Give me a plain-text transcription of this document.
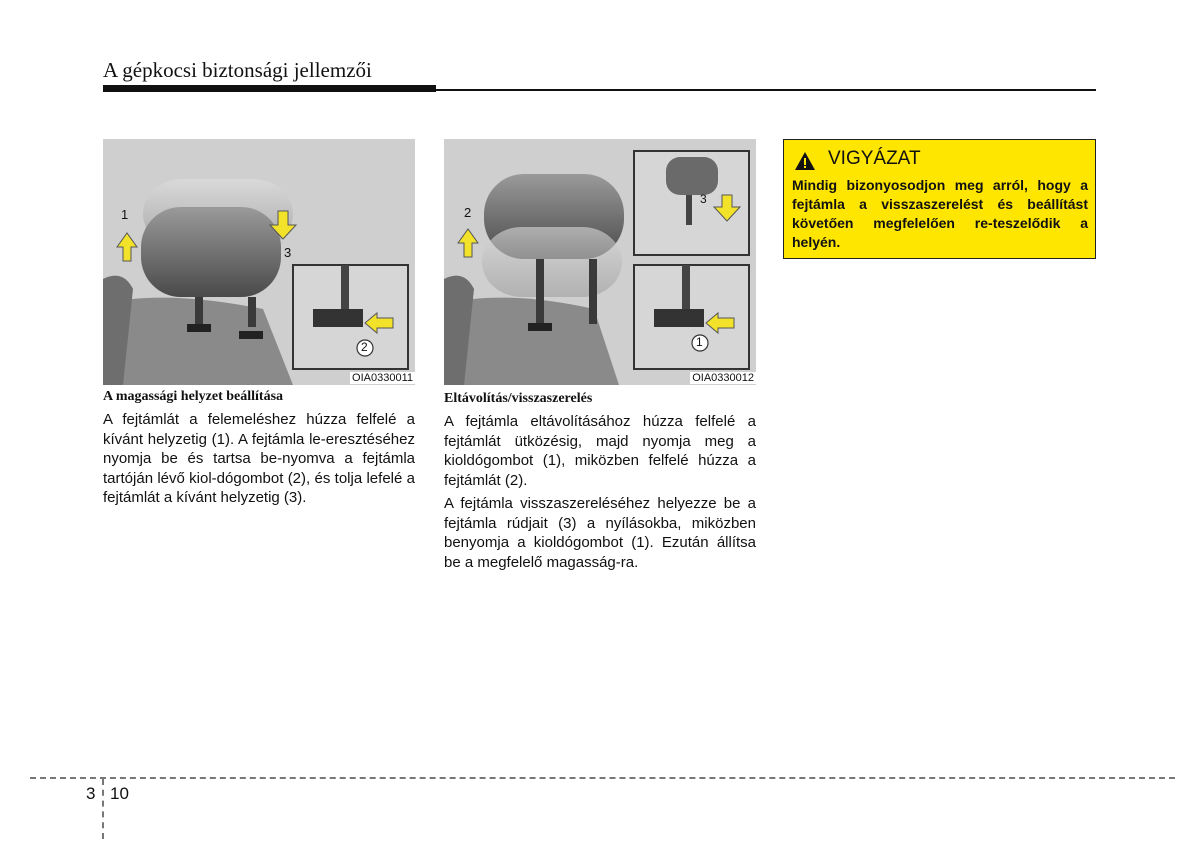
A gépkocsi biztonsági jellemzői
1
3
2
OIA0330011
2
3
1
OIA0330012
A magassági helyzet beállítása

A fejtámlát a felemeléshez húzza felfelé a kívánt helyzetig (1). A fejtámla le-eresztéséhez nyomja be és tartsa be-nyomva a fejtámla tartóján lévő kiol-dógombot (2), és tolja lefelé a fejtámlát a kívánt helyzetig (3).

Eltávolítás/visszaszerelés

A fejtámla eltávolításához húzza felfelé a fejtámlát ütközésig, majd nyomja meg a kioldógombot (1), miközben felfelé húzza a fejtámlát (2).

A fejtámla visszaszereléséhez helyezze be a fejtámla rúdjait (3) a nyílásokba, miközben benyomja a kioldógombot (1). Ezután állítsa be a megfelelő magasság-ra.

VIGYÁZAT
Mindig bizonyosodjon meg arról, hogy a fejtámla a visszaszerelést és beállítást követően megfelelően re-teszelődik a helyén.
3 10
